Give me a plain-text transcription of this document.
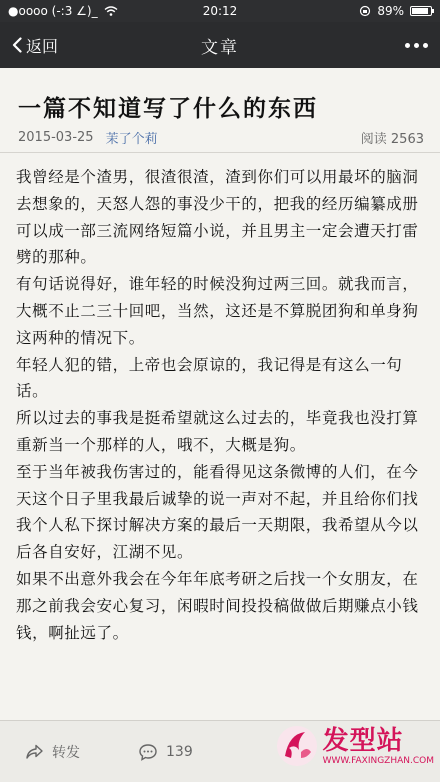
●oooo (-:3 ∠)_	20:12	89%
返回	文章
一篇不知道写了什么的东西
2015-03-25 茉了个莉	阅读 2563

我曾经是个渣男，很渣很渣，渣到你们可以用最坏的脑洞去想象的，天怒人怨的事没少干的，把我的经历编纂成册可以成一部三流网络短篇小说，并且男主一定会遭天打雷劈的那种。

有句话说得好，谁年轻的时候没狗过两三回。就我而言，大概不止二三十回吧，当然，这还是不算脱团狗和单身狗这两种的情况下。

年轻人犯的错，上帝也会原谅的，我记得是有这么一句话。

所以过去的事我是挺希望就这么过去的，毕竟我也没打算重新当一个那样的人，哦不，大概是狗。

至于当年被我伤害过的，能看得见这条微博的人们，在今天这个日子里我最后诚挚的说一声对不起，并且给你们找我个人私下探讨解决方案的最后一天期限，我希望从今以后各自安好，江湖不见。

如果不出意外我会在今年年底考研之后找一个女朋友，在那之前我会安心复习，闲暇时间投投稿做做后期赚点小钱钱，啊扯远了。

转发	139	发型站
WWW.FAXINGZHAN.COM
